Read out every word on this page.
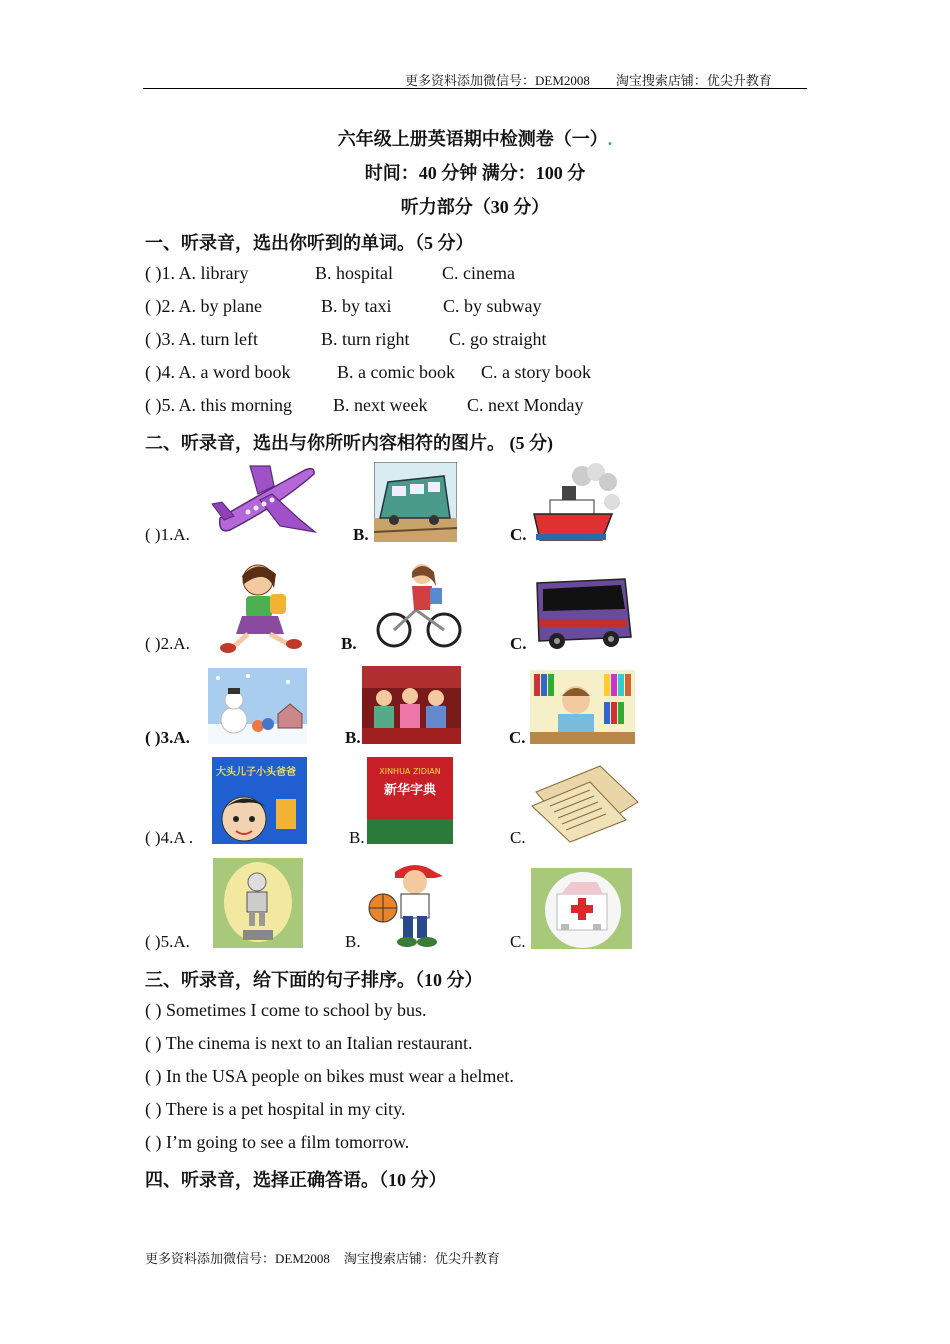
更多资料添加微信号：DEM2008 淘宝搜索店铺：优尖升教育
六年级上册英语期中检测卷（一）.
时间：40 分钟 满分：100 分
听力部分（30 分）
一、听录音，选出你听到的单词。（5 分）
( )1. A. library	B. hospital	C. cinema
( )2. A. by plane	B. by taxi	C. by subway
( )3. A. turn left	B. turn right C. go straight
( )4. A. a word book	B. a comic book C. a story book
( )5. A. this morning B. next week C. next Monday
二、听录音，选出与你所听内容相符的图片。 (5 分)
( )1.A.	B.	C.
( )2.A.	B.	C.
( )3.A.	B.	C.
( )4.A .	B.	C.
大头儿子小头爸爸	XINHUA ZIDIAN
新华字典
( )5.A.	B.	C.
三、听录音，给下面的句子排序。（10 分）
( ) Sometimes I come to school by bus.
( ) The cinema is next to an Italian restaurant.
( ) In the USA people on bikes must wear a helmet.
( ) There is a pet hospital in my city.
( ) I’m going to see a film tomorrow.
四、听录音，选择正确答语。（10 分）
更多资料添加微信号：DEM2008 淘宝搜索店铺：优尖升教育
